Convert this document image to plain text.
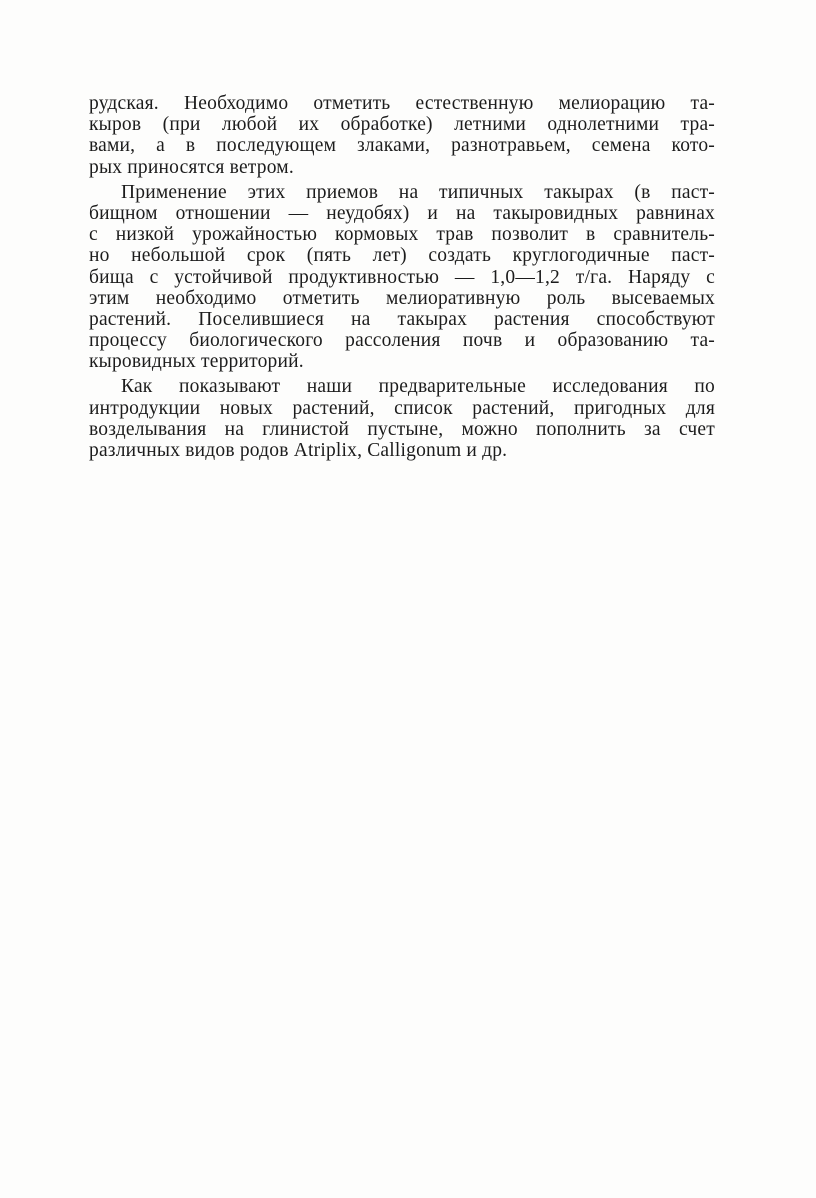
рудская. Необходимо отметить естественную мелиорацию та-
кыров (при любой их обработке) летними однолетними тра-
вами, а в последующем злаками, разнотравьем, семена кото-
рых приносятся ветром.
Применение этих приемов на типичных такырах (в паст-
бищном отношении — неудобях) и на такыровидных равнинах
с низкой урожайностью кормовых трав позволит в сравнитель-
но небольшой срок (пять лет) создать круглогодичные паст-
бища с устойчивой продуктивностью — 1,0—1,2 т/га. Наряду с
этим необходимо отметить мелиоративную роль высеваемых
растений. Поселившиеся на такырах растения способствуют
процессу биологического рассоления почв и образованию та-
кыровидных территорий.
Как показывают наши предварительные исследования по
интродукции новых растений, список растений, пригодных для
возделывания на глинистой пустыне, можно пополнить за счет
различных видов родов Atriplix, Calligonum и др.
